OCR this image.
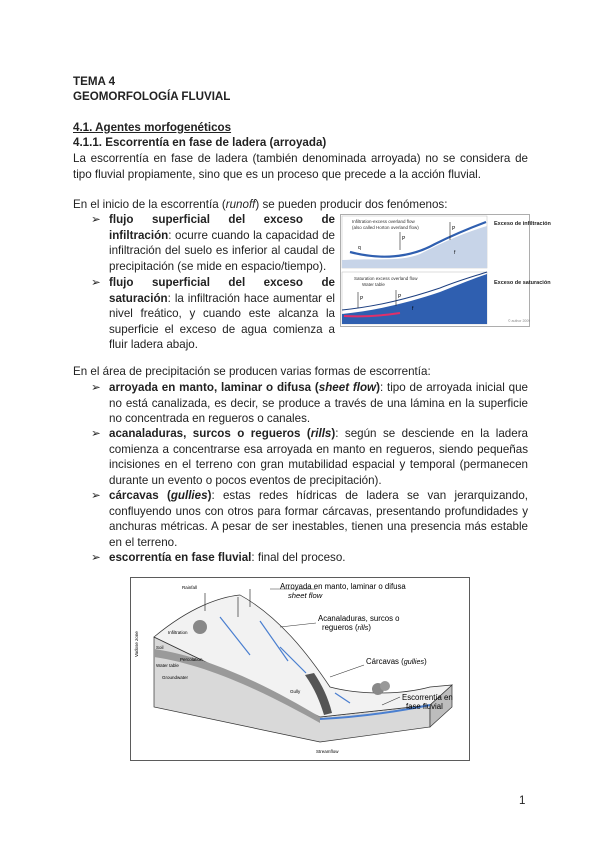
TEMA 4
GEOMORFOLOGÍA FLUVIAL
4.1. Agentes morfogenéticos
4.1.1. Escorrentía en fase de ladera (arroyada)
La escorrentía en fase de ladera (también denominada arroyada) no se considera de tipo fluvial propiamente, sino que es un proceso que precede a la acción fluvial.
En el inicio de la escorrentía (runoff) se pueden producir dos fenómenos:
➢ flujo superficial del exceso de infiltración: ocurre cuando la capacidad de infiltración del suelo es inferior al caudal de precipitación (se mide en espacio/tiempo).
➢ flujo superficial del exceso de saturación: la infiltración hace aumentar el nivel freático, y cuando este alcanza la superficie el exceso de agua comienza a fluir ladera abajo.
Infiltration-excess overland flow
(also called Horton overland flow)
P
P
f
q
Exceso de infiltración
Saturation excess overland flow
Water table
P	P
f
Exceso de saturación
© author 2009
En el área de precipitación se producen varias formas de escorrentía:
➢ arroyada en manto, laminar o difusa (sheet flow): tipo de arroyada inicial que no está canalizada, es decir, se produce a través de una lámina en la superficie no concentrada en regueros o canales.
➢ acanaladuras, surcos o regueros (rills): según se desciende en la ladera comienza a concentrarse esa arroyada en manto en regueros, siendo pequeñas incisiones en el terreno con gran mutabilidad espacial y temporal (permanecen durante un evento o pocos eventos de precipitación).
➢ cárcavas (gullies): estas redes hídricas de ladera se van jerarquizando, confluyendo unos con otros para formar cárcavas, presentando profundidades y anchuras métricas. A pesar de ser inestables, tienen una presencia más estable en el terreno.
➢ escorrentía en fase fluvial: final del proceso.
Rainfall
Infiltration
Soil
Percolation
Water table
Groundwater
Vadose zone
Gully
Streamflow
Arroyada en manto, laminar o difusa
sheet flow
Acanaladuras, surcos o
regueros (rills)
Cárcavas (gullies)
Escorrentía en
fase fluvial
1
